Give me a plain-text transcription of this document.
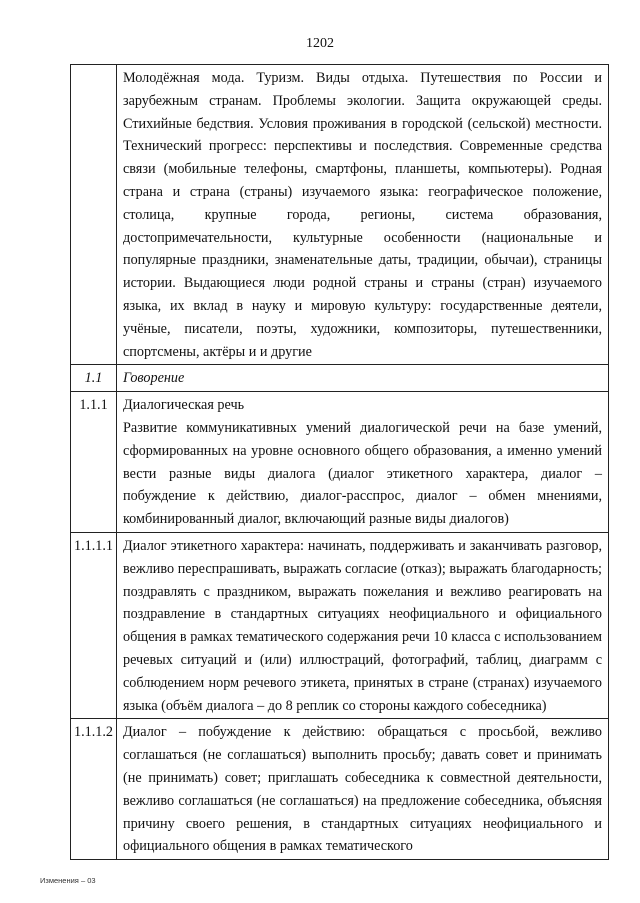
1202

	Молодёжная мода. Туризм. Виды отдыха. Путешествия по России и зарубежным странам. Проблемы экологии. Защита окружающей среды. Стихийные бедствия. Условия проживания в городской (сельской) местности. Технический прогресс: перспективы и последствия. Современные средства связи (мобильные телефоны, смартфоны, планшеты, компьютеры). Родная страна и страна (страны) изучаемого языка: географическое положение, столица, крупные города, регионы, система образования, достопримечательности, культурные особенности (национальные и популярные праздники, знаменательные даты, традиции, обычаи), страницы истории. Выдающиеся люди родной страны и страны (стран) изучаемого языка, их вклад в науку и мировую культуру: государственные деятели, учёные, писатели, поэты, художники, композиторы, путешественники, спортсмены, актёры и и другие

1.1	Говорение

1.1.1	Диалогическая речь
Развитие коммуникативных умений диалогической речи на базе умений, сформированных на уровне основного общего образования, а именно умений вести разные виды диалога (диалог этикетного характера, диалог – побуждение к действию, диалог-расспрос, диалог – обмен мнениями, комбинированный диалог, включающий разные виды диалогов)

1.1.1.1	Диалог этикетного характера: начинать, поддерживать и заканчивать разговор, вежливо переспрашивать, выражать согласие (отказ); выражать благодарность; поздравлять с праздником, выражать пожелания и вежливо реагировать на поздравление в стандартных ситуациях неофициального и официального общения в рамках тематического содержания речи 10 класса с использованием речевых ситуаций и (или) иллюстраций, фотографий, таблиц, диаграмм с соблюдением норм речевого этикета, принятых в стране (странах) изучаемого языка (объём диалога – до 8 реплик со стороны каждого собеседника)

1.1.1.2	Диалог – побуждение к действию: обращаться с просьбой, вежливо соглашаться (не соглашаться) выполнить просьбу; давать совет и принимать (не принимать) совет; приглашать собеседника к совместной деятельности, вежливо соглашаться (не соглашаться) на предложение собеседника, объясняя причину своего решения, в стандартных ситуациях неофициального и официального общения в рамках тематического
Изменения – 03
